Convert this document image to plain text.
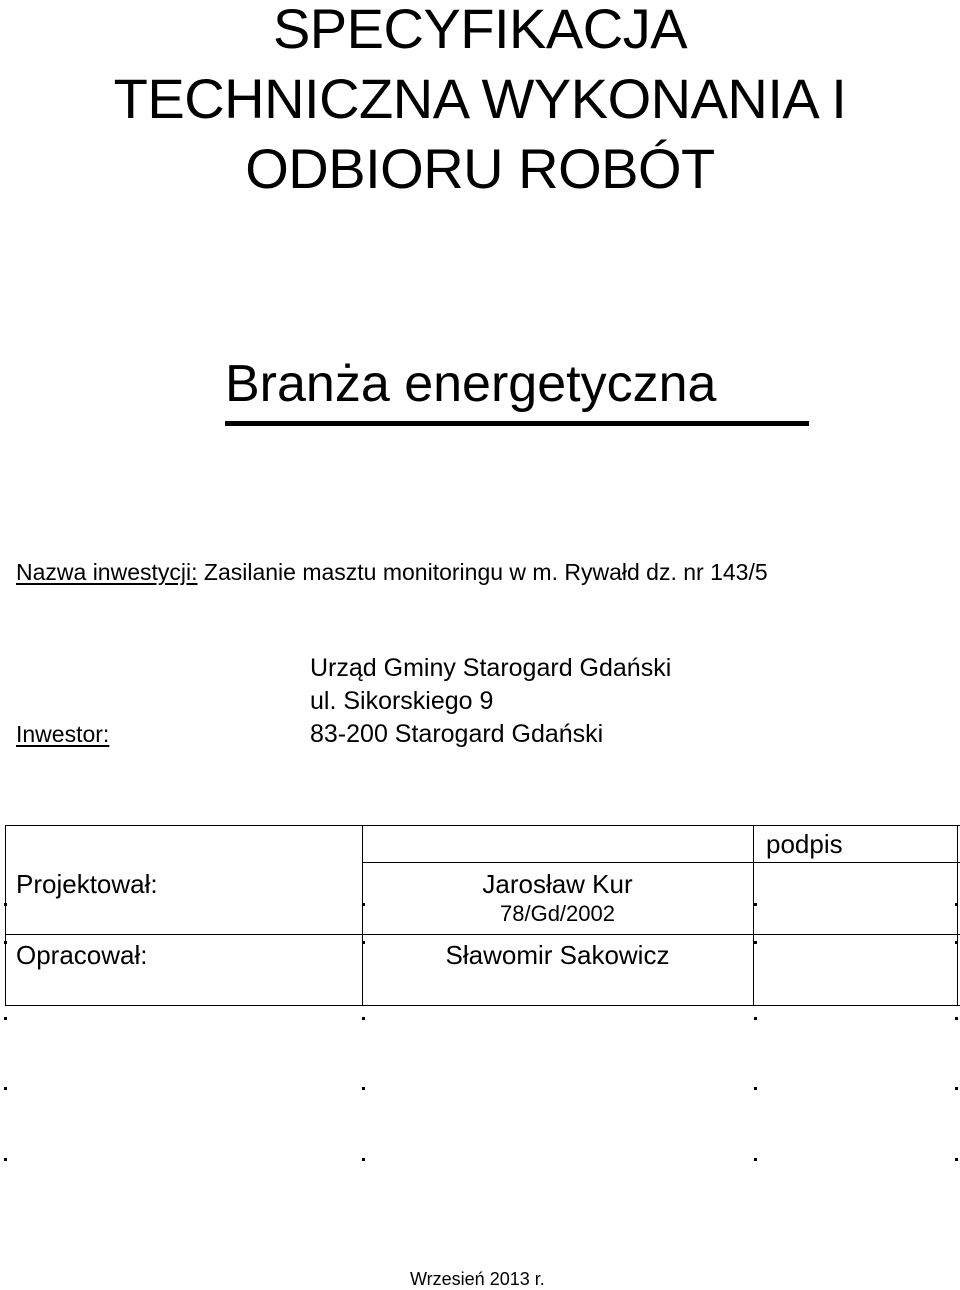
SPECYFIKACJA
TECHNICZNA WYKONANIA I
ODBIORU ROBÓT
Branża energetyczna
Nazwa inwestycji: Zasilanie masztu monitoringu w m. Rywałd dz. nr 143/5
Urząd Gminy Starogard Gdański
ul. Sikorskiego 9
83-200 Starogard Gdański
Inwestor:
podpis
Projektował:	Jarosław Kur
78/Gd/2002
Opracował:	Sławomir Sakowicz
Wrzesień 2013 r.
